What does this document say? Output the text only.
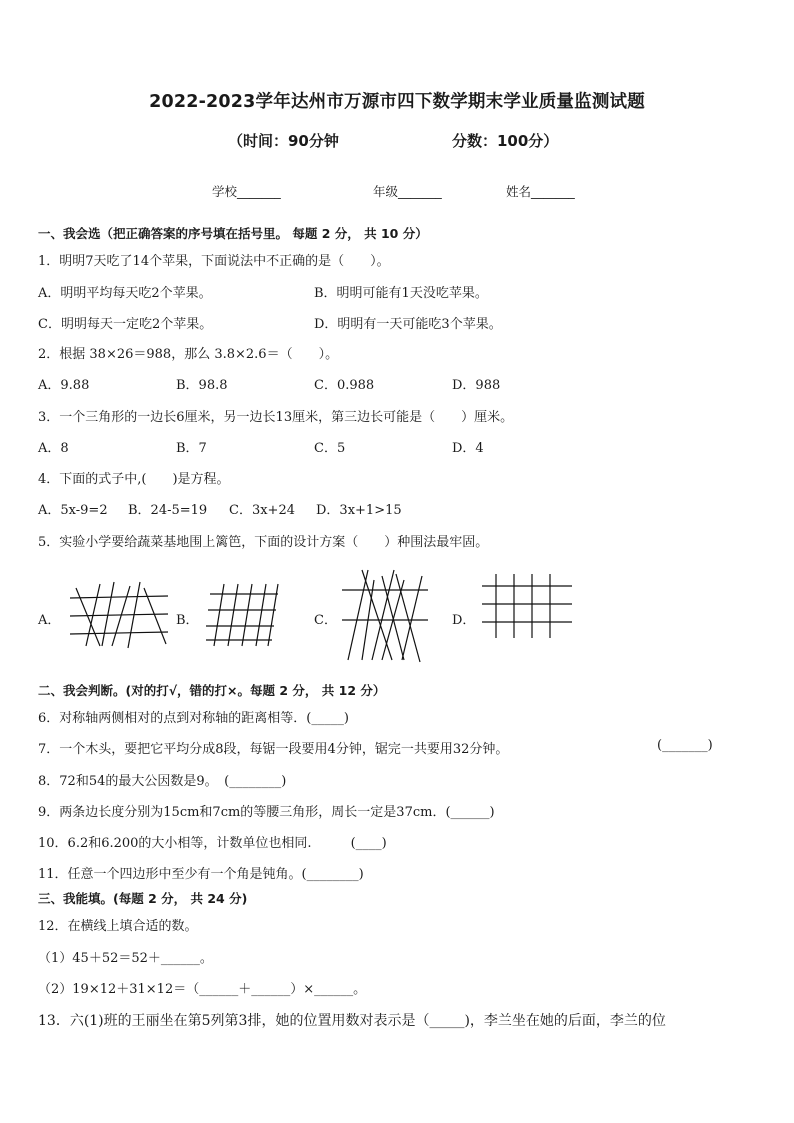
2022-2023学年达州市万源市四下数学期末学业质量监测试题
（时间：90分钟	分数：100分）
学校_______	年级_______	姓名_______
一、我会选（把正确答案的序号填在括号里。 每题 2 分， 共 10 分）
1．明明7天吃了14个苹果，下面说法中不正确的是（　　）。
A．明明平均每天吃2个苹果。	B．明明可能有1天没吃苹果。
C．明明每天一定吃2个苹果。	D．明明有一天可能吃3个苹果。
2．根据 38×26＝988，那么 3.8×2.6＝（　　）。
A．9.88	B．98.8	C．0.988	D．988
3．一个三角形的一边长6厘米，另一边长13厘米，第三边长可能是（　　）厘米。
A．8	B．7	C．5	D．4
4．下面的式子中,(　　)是方程。
A．5x-9=2 B．24-5=19 C．3x+24 D．3x+1>15
5．实验小学要给蔬菜基地围上篱笆，下面的设计方案（　　）种围法最牢固。
A．	B．	C．	D．
二、我会判断。(对的打√，错的打×。每题 2 分， 共 12 分）
6．对称轴两侧相对的点到对称轴的距离相等．(_____)
7．一个木头，要把它平均分成8段，每锯一段要用4分钟，锯完一共要用32分钟。	(_______)
8．72和54的最大公因数是9。　(________)
9．两条边长度分别为15cm和7cm的等腰三角形，周长一定是37cm．(______)
10．6.2和6.200的大小相等，计数单位也相同.　　　(____)
11．任意一个四边形中至少有一个角是钝角。(________)
三、我能填。(每题 2 分， 共 24 分)
12．在横线上填合适的数。
（1）45＋52＝52＋______。
（2）19×12＋31×12＝（______＋______）×______。
13．六(1)班的王丽坐在第5列第3排，她的位置用数对表示是（_____)，李兰坐在她的后面，李兰的位
